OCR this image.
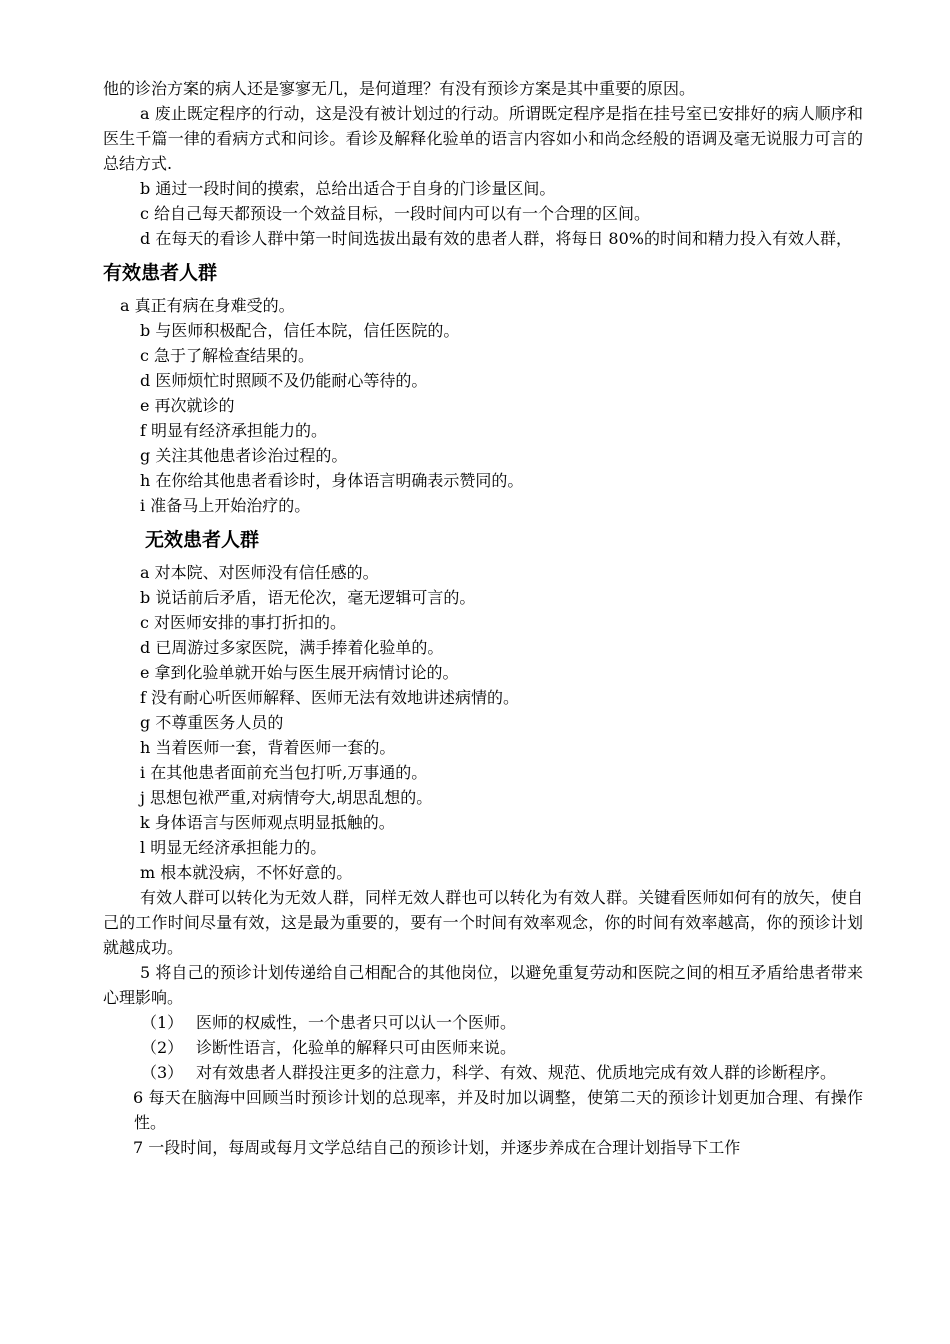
他的诊治方案的病人还是寥寥无几，是何道理？有没有预诊方案是其中重要的原因。

a 废止既定程序的行动，这是没有被计划过的行动。所谓既定程序是指在挂号室已安排好的病人顺序和医生千篇一律的看病方式和问诊。看诊及解释化验单的语言内容如小和尚念经般的语调及毫无说服力可言的总结方式.

b 通过一段时间的摸索，总给出适合于自身的门诊量区间。

c 给自己每天都预设一个效益目标，一段时间内可以有一个合理的区间。

d 在每天的看诊人群中第一时间选拔出最有效的患者人群，将每日 80%的时间和精力投入有效人群，

有效患者人群

a 真正有病在身难受的。

b 与医师积极配合，信任本院，信任医院的。

c 急于了解检查结果的。

d 医师烦忙时照顾不及仍能耐心等待的。

e 再次就诊的

f 明显有经济承担能力的。

g 关注其他患者诊治过程的。

h 在你给其他患者看诊时，身体语言明确表示赞同的。

i 准备马上开始治疗的。

无效患者人群

a 对本院、对医师没有信任感的。

b 说话前后矛盾，语无伦次，毫无逻辑可言的。

c 对医师安排的事打折扣的。

d 已周游过多家医院，满手捧着化验单的。

e 拿到化验单就开始与医生展开病情讨论的。

f 没有耐心听医师解释、医师无法有效地讲述病情的。

g 不尊重医务人员的

h 当着医师一套，背着医师一套的。

i 在其他患者面前充当包打听,万事通的。

j 思想包袱严重,对病情夸大,胡思乱想的。

k 身体语言与医师观点明显抵触的。

l 明显无经济承担能力的。

m 根本就没病，不怀好意的。

有效人群可以转化为无效人群，同样无效人群也可以转化为有效人群。关键看医师如何有的放矢，使自己的工作时间尽量有效，这是最为重要的，要有一个时间有效率观念，你的时间有效率越高，你的预诊计划就越成功。

5 将自己的预诊计划传递给自己相配合的其他岗位，以避免重复劳动和医院之间的相互矛盾给患者带来心理影响。

（1） 医师的权威性，一个患者只可以认一个医师。
（2） 诊断性语言，化验单的解释只可由医师来说。
（3） 对有效患者人群投注更多的注意力，科学、有效、规范、优质地完成有效人群的诊断程序。

6 每天在脑海中回顾当时预诊计划的总现率，并及时加以调整，使第二天的预诊计划更加合理、有操作性。

7 一段时间，每周或每月文学总结自己的预诊计划，并逐步养成在合理计划指导下工作
